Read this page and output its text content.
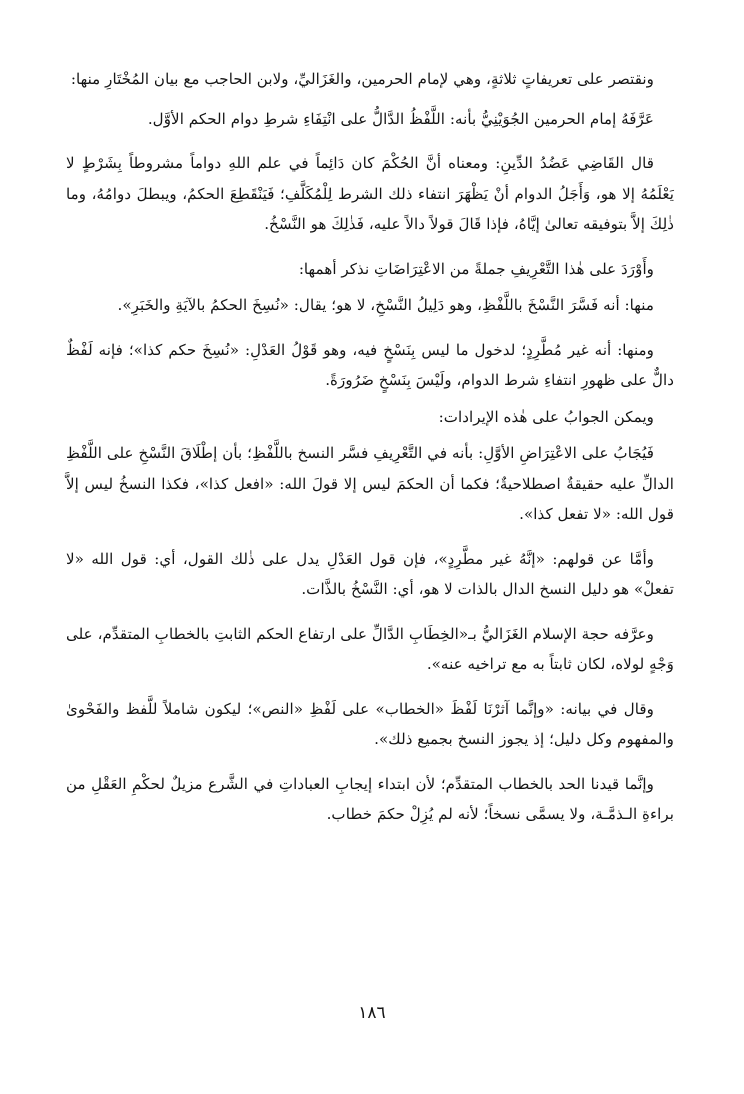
ونقتصر على تعريفاتٍ ثلاثةٍ، وهي لإمام الحرمين، والغَزَاليِّ، ولابن الحاجب مع بيان المُخْتَارِ منها:

عَرَّفَهُ إمام الحرمين الجُوَيْنِيُّ بأنه: اللَّفْظُ الدَّالُّ على انْتِفَاءِ شرطِ دوام الحكم الأوَّل.

قال القَاضِي عَضُدُ الدِّينِ: ومعناه أنَّ الحُكْمَ كان دَائِماً في علم اللهِ دواماً مشروطاً بِشَرْطٍ لا يَعْلَمُهُ إلا هو، وَأَجَلُ الدوام أنْ يَظْهَرَ انتفاء ذلك الشرط لِلْمُكَلَّفِ؛ فَيَنْقَطِعَ الحكمُ، ويبطلَ دوامُهُ، وما ذٰلِكَ إلاَّ بتوفيقه تعالىٰ إيَّاهُ، فإذا قَالَ قولاً دالاً عليه، فَذٰلِكَ هو النَّسْخُ.

وأَوْرَدَ على هٰذا التَّعْرِيفِ جملةً من الاعْتِرَاضَاتِ نذكر أهمها:

منها: أنه فَسَّرَ النَّسْخَ باللَّفْظِ، وهو دَلِيلُ النَّسْخِ، لا هو؛ يقال: «نُسِخَ الحكمُ بالآيَةِ والخَبَرِ».

ومنها: أنه غير مُطَّرِدٍ؛ لدخول ما ليس بِنَسْخٍ فيه، وهو قَوْلُ العَدْلِ: «نُسِخَ حكم كذا»؛ فإنه لَفْظٌ دالٌّ على ظهورِ انتفاءِ شرط الدوام، ولَيْسَ بِنَسْخٍ ضَرُورَةً.

ويمكن الجوابُ على هٰذه الإيرادات:

فَيُجَابُ على الاعْتِرَاضِ الأوَّلِ: بأنه في التَّعْرِيفِ فسَّر النسخ باللَّفْظِ؛ بأن إطْلَاقَ النَّسْخِ على اللَّفْظِ الدالِّ عليه حقيقةٌ اصطلاحيةٌ؛ فكما أن الحكمَ ليس إلا قولَ الله: «افعل كذا»، فكذا النسخُ ليس إلاَّ قول الله: «لا تفعل كذا».

وأمَّا عن قولهم: «إنَّهُ غير مطَّرِدٍ»، فإن قول العَدْلِ يدل على ذٰلك القول، أي: قول الله «لا تفعلْ» هو دليل النسخ الدال بالذات لا هو، أي: النَّسْخُ بالذَّات.

وعرَّفه حجة الإسلام الغَزَاليُّ بـ«الخِطَابِ الدَّالِّ على ارتفاع الحكم الثابتِ بالخطابِ المتقدِّم، على وَجْهٍ لولاه، لكان ثابتاً به مع تراخيه عنه».

وقال في بيانه: «وإنَّما آثرْنَا لَفْظَ «الخطاب» على لَفْظِ «النص»؛ ليكون شاملاً للَّفظ والفَحْوىٰ والمفهوم وكل دليل؛ إذ يجوز النسخ بجميع ذلك».

وإنَّما قيدنا الحد بالخطاب المتقدِّم؛ لأن ابتداء إيجابِ العباداتِ في الشَّرع مزيلٌ لحكْمِ العَقْلِ من براءةِ الـذمَّـة، ولا يسمَّى نسخاً؛ لأنه لم يُزِلْ حكمَ خطاب.

١٨٦
